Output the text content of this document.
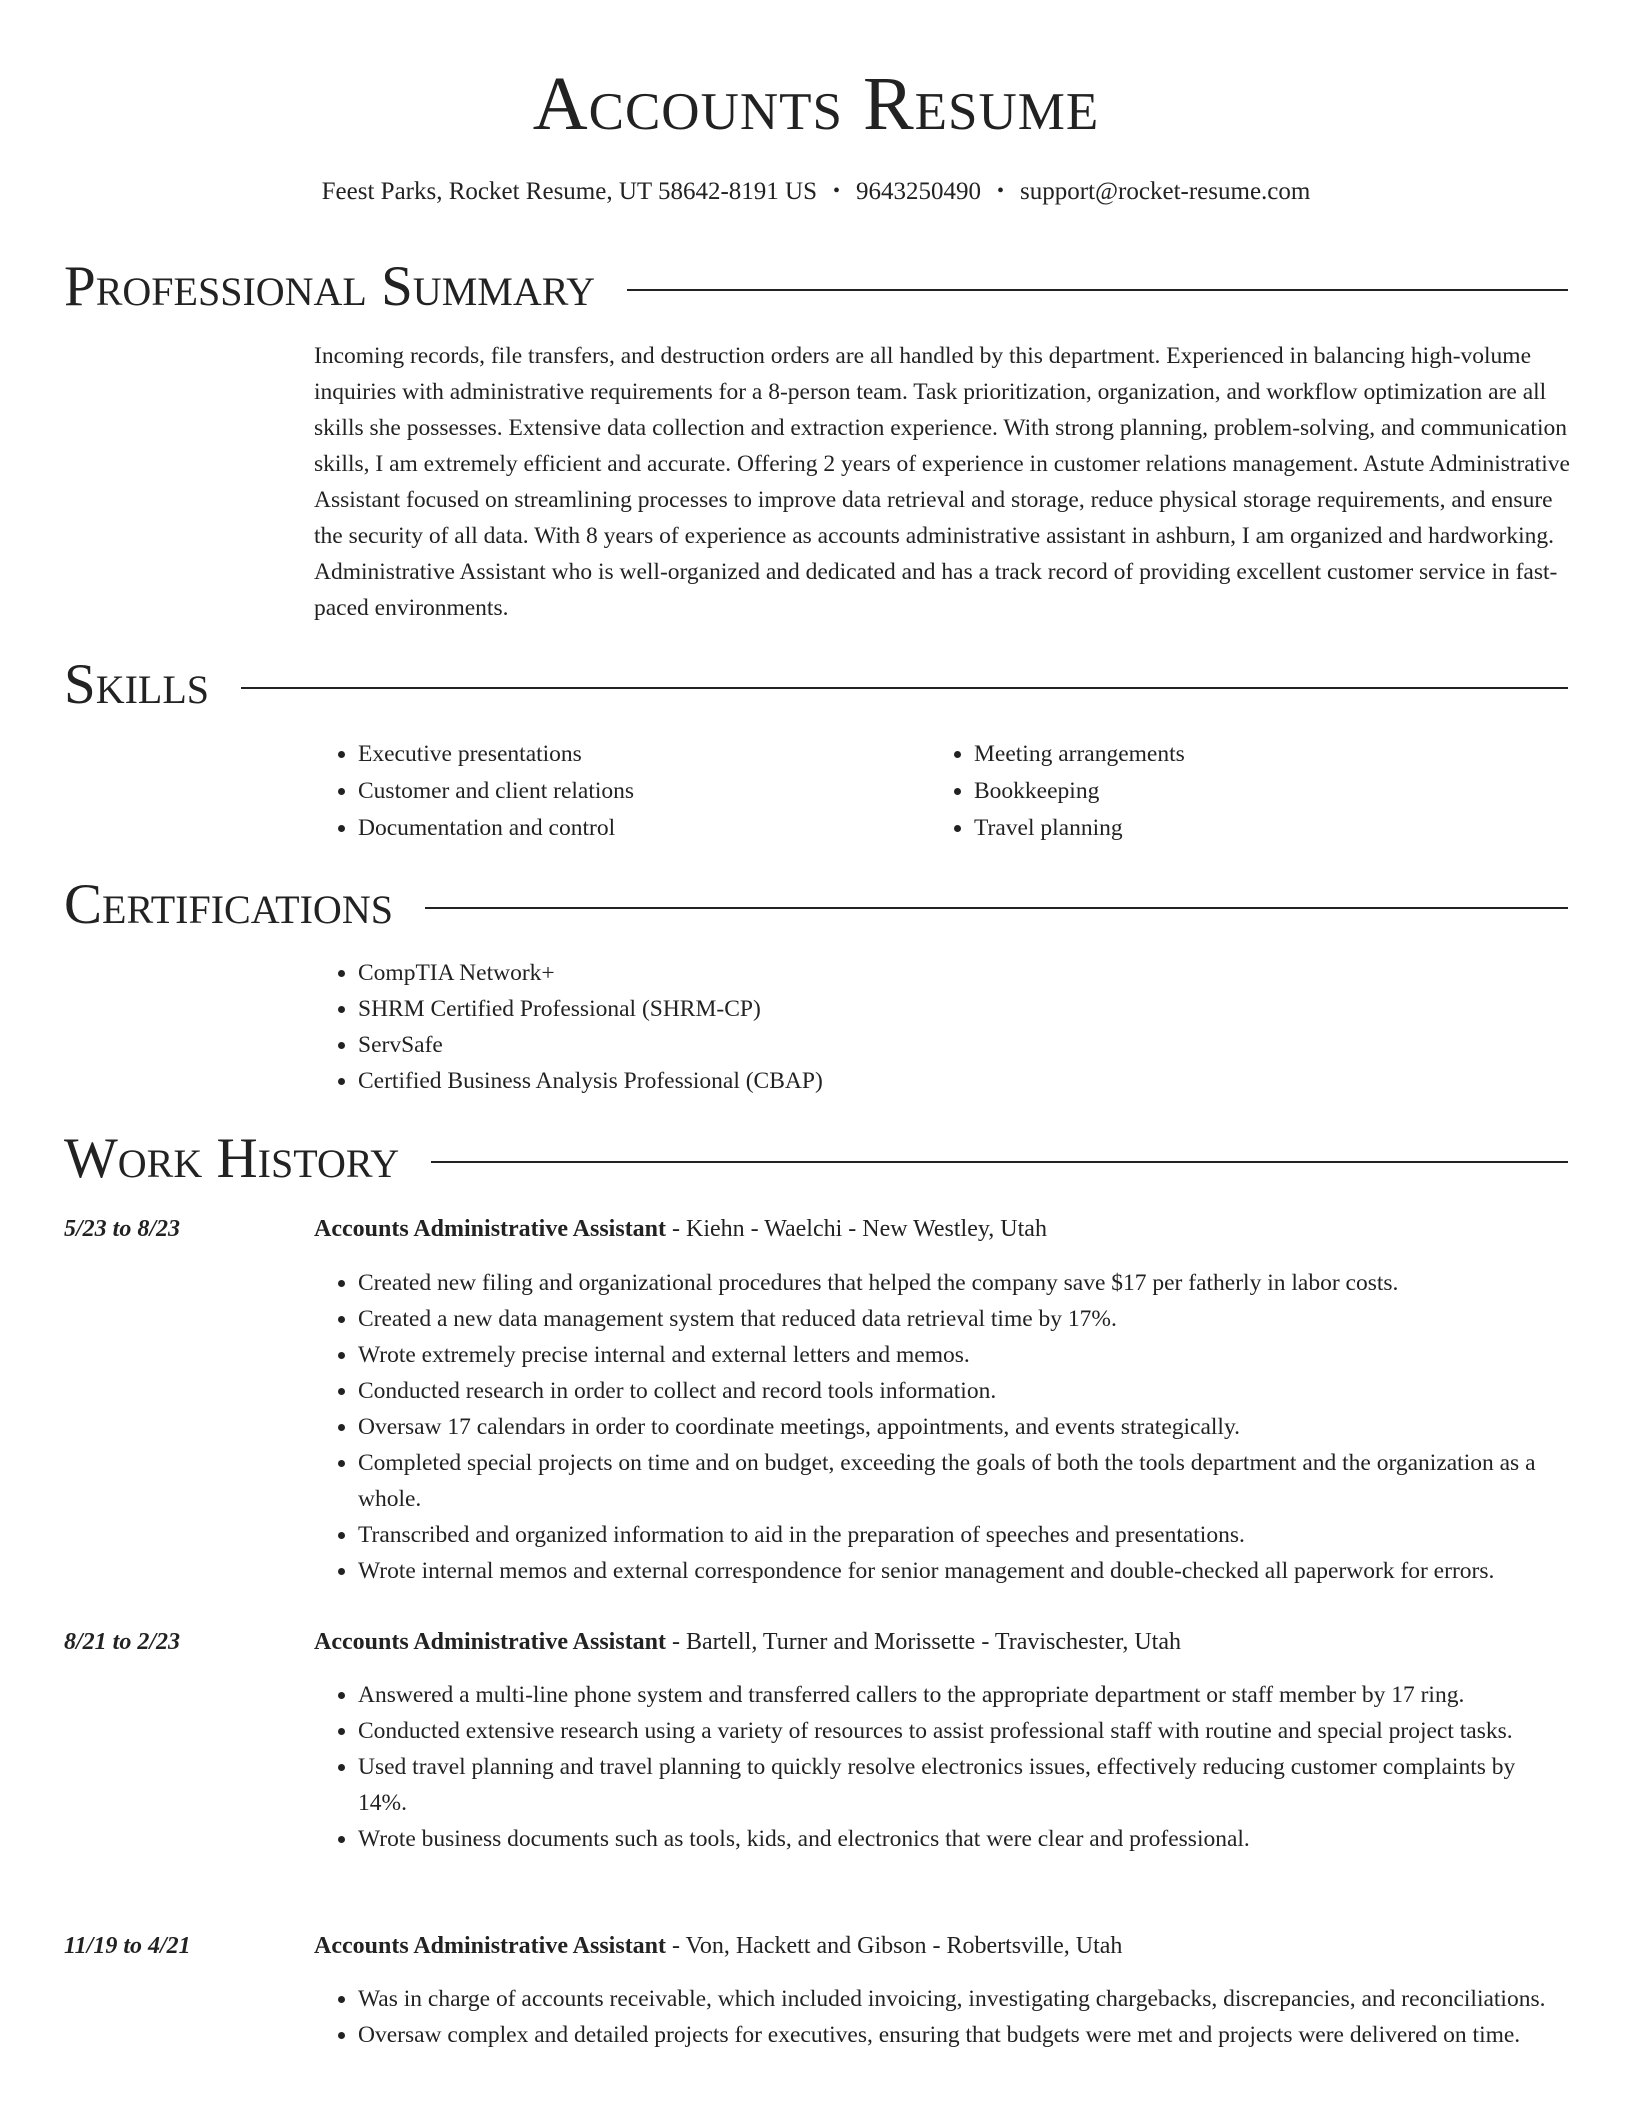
Accounts Resume
Feest Parks, Rocket Resume, UT 58642-8191 US • 9643250490 • support@rocket-resume.com
Professional Summary

Incoming records, file transfers, and destruction orders are all handled by this department. Experienced in balancing high-volume inquiries with administrative requirements for a 8-person team. Task prioritization, organization, and workflow optimization are all skills she possesses. Extensive data collection and extraction experience. With strong planning, problem-solving, and communication skills, I am extremely efficient and accurate. Offering 2 years of experience in customer relations management. Astute Administrative Assistant focused on streamlining processes to improve data retrieval and storage, reduce physical storage requirements, and ensure the security of all data. With 8 years of experience as accounts administrative assistant in ashburn, I am organized and hardworking. Administrative Assistant who is well-organized and dedicated and has a track record of providing excellent customer service in fast-paced environments.

Skills
• Executive presentations
• Customer and client relations
• Documentation and control
• Meeting arrangements
• Bookkeeping
• Travel planning
Certifications
• CompTIA Network+
• SHRM Certified Professional (SHRM-CP)
• ServSafe
• Certified Business Analysis Professional (CBAP)
Work History
5/23 to 8/23	Accounts Administrative Assistant - Kiehn - Waelchi - New Westley, Utah
• Created new filing and organizational procedures that helped the company save $17 per fatherly in labor costs.
• Created a new data management system that reduced data retrieval time by 17%.
• Wrote extremely precise internal and external letters and memos.
• Conducted research in order to collect and record tools information.
• Oversaw 17 calendars in order to coordinate meetings, appointments, and events strategically.
• Completed special projects on time and on budget, exceeding the goals of both the tools department and the organization as a whole.
• Transcribed and organized information to aid in the preparation of speeches and presentations.
• Wrote internal memos and external correspondence for senior management and double-checked all paperwork for errors.
8/21 to 2/23	Accounts Administrative Assistant - Bartell, Turner and Morissette - Travischester, Utah
• Answered a multi-line phone system and transferred callers to the appropriate department or staff member by 17 ring.
• Conducted extensive research using a variety of resources to assist professional staff with routine and special project tasks.
• Used travel planning and travel planning to quickly resolve electronics issues, effectively reducing customer complaints by 14%.
• Wrote business documents such as tools, kids, and electronics that were clear and professional.
11/19 to 4/21	Accounts Administrative Assistant - Von, Hackett and Gibson - Robertsville, Utah
• Was in charge of accounts receivable, which included invoicing, investigating chargebacks, discrepancies, and reconciliations.
• Oversaw complex and detailed projects for executives, ensuring that budgets were met and projects were delivered on time.
